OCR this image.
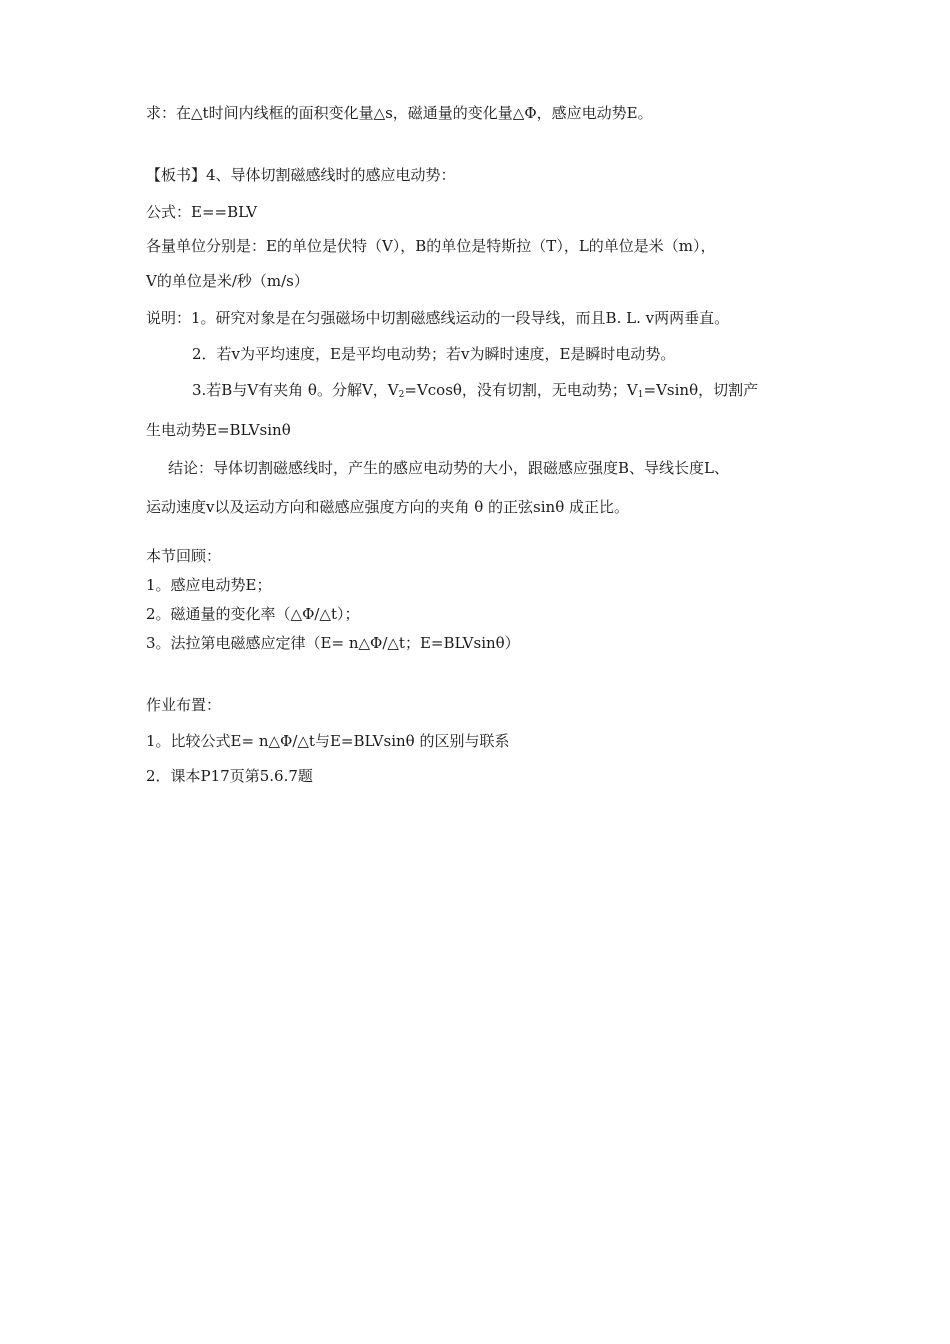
求：在△t时间内线框的面积变化量△s，磁通量的变化量△Φ，感应电动势E。
【板书】4、导体切割磁感线时的感应电动势：
公式：E==BLV
各量单位分别是：E的单位是伏特（V），B的单位是特斯拉（T），L的单位是米（m），
V的单位是米/秒（m/s）
说明：1。研究对象是在匀强磁场中切割磁感线运动的一段导线，而且B. L. v两两垂直。
2．若v为平均速度，E是平均电动势；若v为瞬时速度，E是瞬时电动势。
3.若B与V有夹角 θ。分解V，$V_2=Vcos\theta$，没有切割，无电动势；$V_1=Vsin\theta$，切割产
生电动势E=BLVsinθ
结论：导体切割磁感线时，产生的感应电动势的大小，跟磁感应强度B、导线长度L、
运动速度v以及运动方向和磁感应强度方向的夹角 θ 的正弦sinθ 成正比。
本节回顾：
1。感应电动势E；
2。磁通量的变化率（△Φ/△t）；
3。法拉第电磁感应定律（E= n△Φ/△t；E=BLVsinθ）
作业布置：
1。比较公式E= n△Φ/△t与E=BLVsinθ 的区别与联系
2．课本P17页第5.6.7题
